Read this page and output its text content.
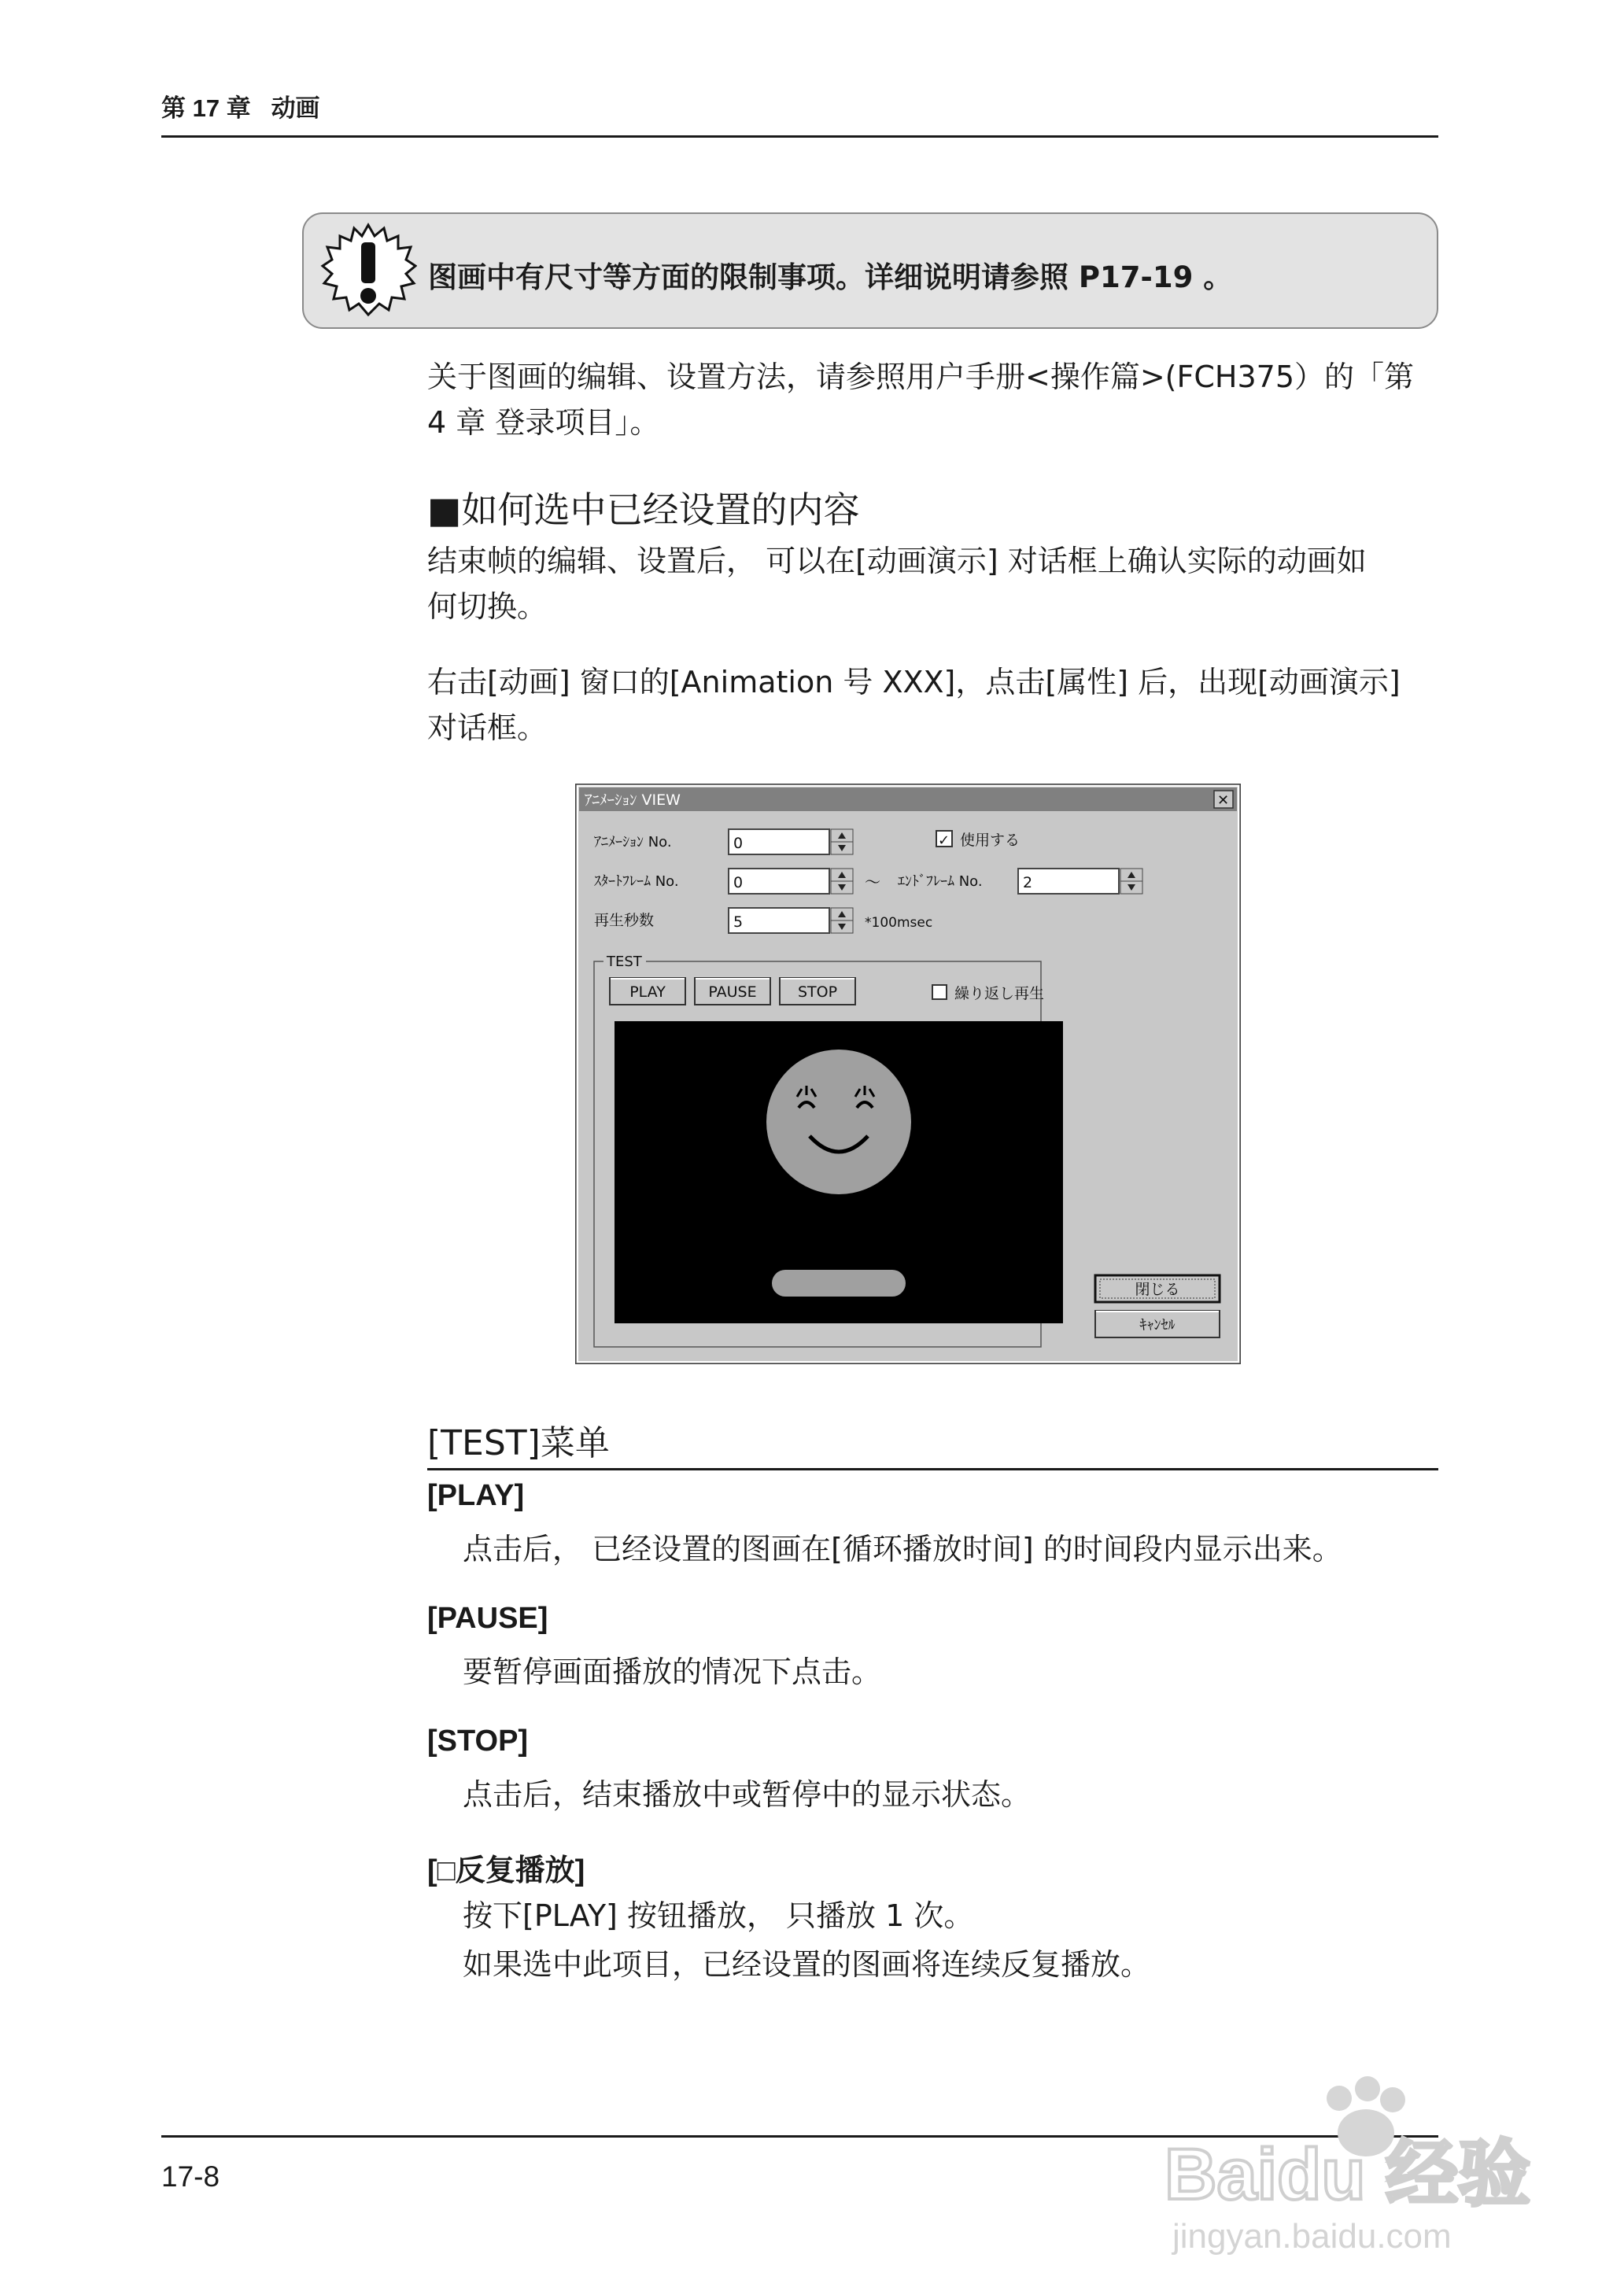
第 17 章 动画
图画中有尺寸等方面的限制事项。详细说明请参照 P17-19 。
关于图画的编辑、设置方法，请参照用户手册<操作篇>(FCH375）的「第
4 章 登录项目」。
■如何选中已经设置的内容
结束帧的编辑、设置后， 可以在[动画演示] 对话框上确认实际的动画如
何切换。
右击[动画] 窗口的[Animation 号 XXX]，点击[属性] 后，出现[动画演示]
对话框。
ｱﾆﾒｰｼｮﾝ VIEW	✕
ｱﾆﾒｰｼｮﾝ No.	0	✓ 使用する
ｽﾀｰﾄﾌﾚｰﾑ No.	0	～ ｴﾝﾄﾞﾌﾚｰﾑ No.	2
再生秒数	5	*100msec
TEST
PLAY	PAUSE	STOP	繰り返し再生
閉じる
ｷｬﾝｾﾙ
[TEST]菜单
[PLAY]
点击后， 已经设置的图画在[循环播放时间] 的时间段内显示出来。
[PAUSE]
要暂停画面播放的情况下点击。
[STOP]
点击后，结束播放中或暂停中的显示状态。
[□反复播放]
按下[PLAY] 按钮播放， 只播放 1 次。
如果选中此项目，已经设置的图画将连续反复播放。
17-8	Baidu 经验
jingyan.baidu.com
